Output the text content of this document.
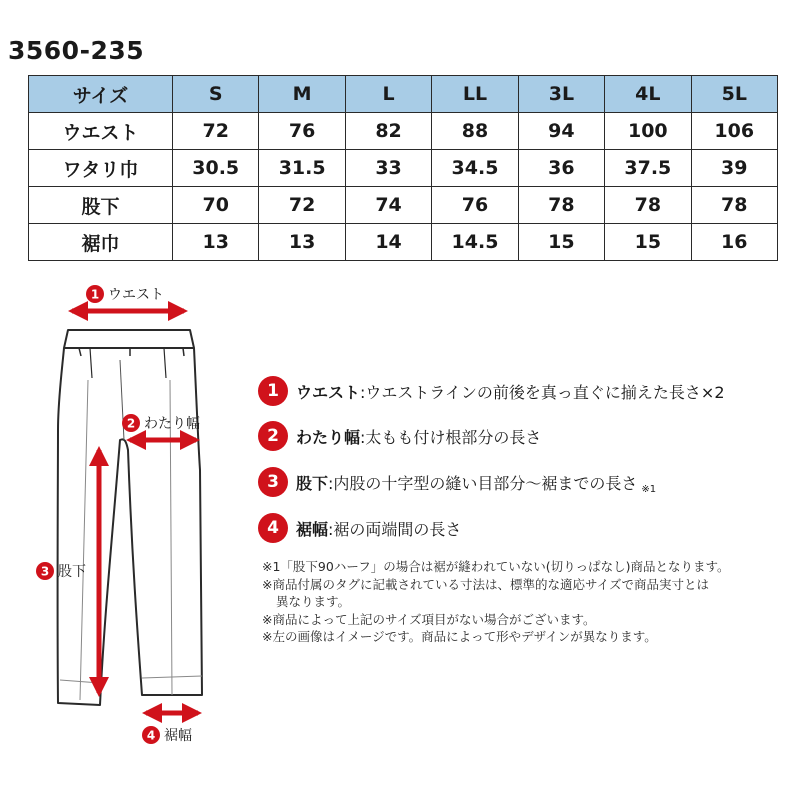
3560-235
サイズ	S	M	L	LL	3L	4L	5L
ウエスト	72	76	82	88	94	100	106
ワタリ巾	30.5	31.5	33	34.5	36	37.5	39
股下	70	72	74	76	78	78	78
裾巾	13	13	14	14.5	15	15	16
1 ウエスト
2 わたり幅
3 股下
4 裾幅
1	ウエスト:ウエストラインの前後を真っ直ぐに揃えた長さ×2
2	わたり幅:太もも付け根部分の長さ
3	股下:内股の十字型の縫い目部分～裾までの長さ ※1
4	裾幅:裾の両端間の長さ

※1「股下90ハーフ」の場合は裾が縫われていない(切りっぱなし)商品となります。

※商品付属のタグに記載されている寸法は、標準的な適応サイズで商品実寸とは

異なります。

※商品によって上記のサイズ項目がない場合がございます。

※左の画像はイメージです。商品によって形やデザインが異なります。
